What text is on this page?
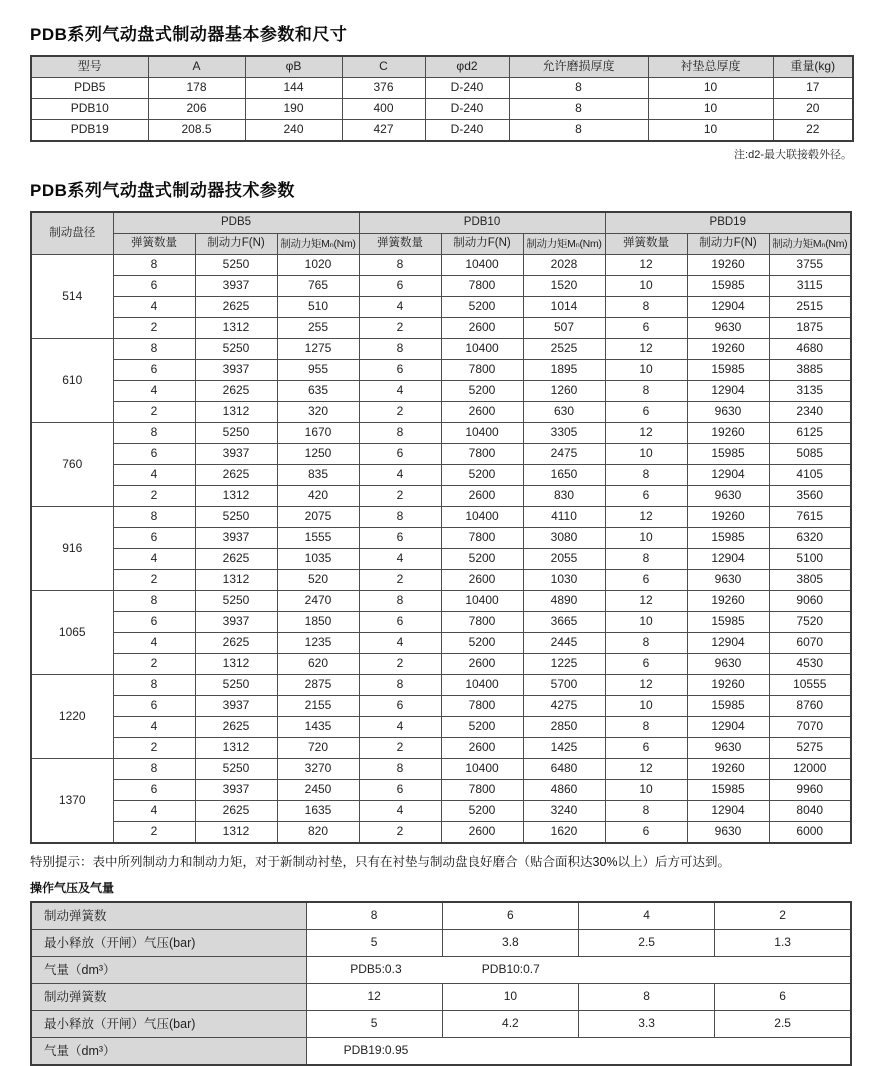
PDB系列气动盘式制动器基本参数和尺寸
型号	A	φB	C	φd2	允许磨损厚度	衬垫总厚度	重量(kg)
PDB5	178	144	376	D-240	8	10	17
PDB10	206	190	400	D-240	8	10	20
PDB19	208.5	240	427	D-240	8	10	22
注:d2-最大联接毂外径。
PDB系列气动盘式制动器技术参数
制动盘径	PDB5			PDB10			PBD19		
	弹簧数量	制动力F(N)	制动力矩Mₙ(Nm)	弹簧数量	制动力F(N)	制动力矩Mₙ(Nm)	弹簧数量	制动力F(N)	制动力矩Mₙ(Nm)
514	8	5250	1020	8	10400	2028	12	19260	3755
	6	3937	765	6	7800	1520	10	15985	3115
	4	2625	510	4	5200	1014	8	12904	2515
	2	1312	255	2	2600	507	6	9630	1875
610	8	5250	1275	8	10400	2525	12	19260	4680
	6	3937	955	6	7800	1895	10	15985	3885
	4	2625	635	4	5200	1260	8	12904	3135
	2	1312	320	2	2600	630	6	9630	2340
760	8	5250	1670	8	10400	3305	12	19260	6125
	6	3937	1250	6	7800	2475	10	15985	5085
	4	2625	835	4	5200	1650	8	12904	4105
	2	1312	420	2	2600	830	6	9630	3560
916	8	5250	2075	8	10400	4110	12	19260	7615
	6	3937	1555	6	7800	3080	10	15985	6320
	4	2625	1035	4	5200	2055	8	12904	5100
	2	1312	520	2	2600	1030	6	9630	3805
1065	8	5250	2470	8	10400	4890	12	19260	9060
	6	3937	1850	6	7800	3665	10	15985	7520
	4	2625	1235	4	5200	2445	8	12904	6070
	2	1312	620	2	2600	1225	6	9630	4530
1220	8	5250	2875	8	10400	5700	12	19260	10555
	6	3937	2155	6	7800	4275	10	15985	8760
	4	2625	1435	4	5200	2850	8	12904	7070
	2	1312	720	2	2600	1425	6	9630	5275
1370	8	5250	3270	8	10400	6480	12	19260	12000
	6	3937	2450	6	7800	4860	10	15985	9960
	4	2625	1635	4	5200	3240	8	12904	8040
	2	1312	820	2	2600	1620	6	9630	6000
特别提示：表中所列制动力和制动力矩，对于新制动衬垫，只有在衬垫与制动盘良好磨合（贴合面积达30%以上）后方可达到。
操作气压及气量
制动弹簧数	8	6	4	2
最小释放（开闸）气压(bar)	5	3.8	2.5	1.3
气量（dm³）	PDB5:0.3 PDB10:0.7			

制动弹簧数	12	10	8	6
最小释放（开闸）气压(bar)	5	4.2	3.3	2.5
气量（dm³）	PDB19:0.95			
